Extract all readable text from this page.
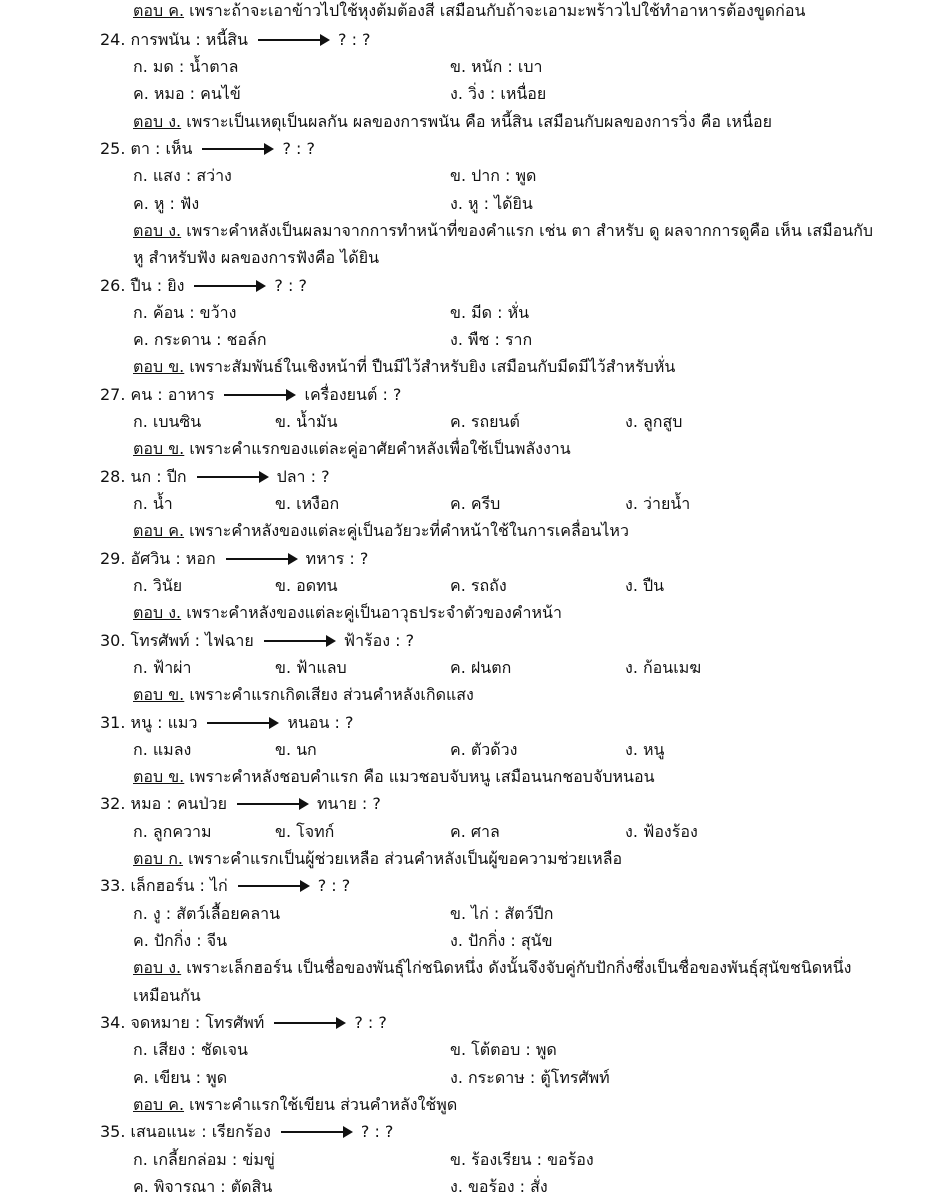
ตอบ ค. เพราะถ้าจะเอาข้าวไปใช้หุงต้มต้องสี เสมือนกับถ้าจะเอามะพร้าวไปใช้ทำอาหารต้องขูดก่อน
24. การพนัน : หนี้สิน	? : ?
ก. มด : น้ำตาล	ข. หนัก : เบา
ค. หมอ : คนไข้	ง. วิ่ง : เหนื่อย
ตอบ ง. เพราะเป็นเหตุเป็นผลกัน ผลของการพนัน คือ หนี้สิน เสมือนกับผลของการวิ่ง คือ เหนื่อย
25. ตา : เห็น	? : ?
ก. แสง : สว่าง	ข. ปาก : พูด
ค. หู : ฟัง	ง. หู : ได้ยิน
ตอบ ง. เพราะคำหลังเป็นผลมาจากการทำหน้าที่ของคำแรก เช่น ตา สำหรับ ดู ผลจากการดูคือ เห็น เสมือนกับ
หู สำหรับฟัง ผลของการฟังคือ ได้ยิน
26. ปืน : ยิง	? : ?
ก. ค้อน : ขว้าง	ข. มีด : หั่น
ค. กระดาน : ชอล์ก	ง. พืช : ราก
ตอบ ข. เพราะสัมพันธ์ในเชิงหน้าที่ ปืนมีไว้สำหรับยิง เสมือนกับมีดมีไว้สำหรับหั่น
27. คน : อาหาร	เครื่องยนต์ : ?
ก. เบนซิน	ข. น้ำมัน	ค. รถยนต์	ง. ลูกสูบ
ตอบ ข. เพราะคำแรกของแต่ละคู่อาศัยคำหลังเพื่อใช้เป็นพลังงาน
28. นก : ปีก	ปลา : ?
ก. น้ำ	ข. เหงือก	ค. ครีบ	ง. ว่ายน้ำ
ตอบ ค. เพราะคำหลังของแต่ละคู่เป็นอวัยวะที่คำหน้าใช้ในการเคลื่อนไหว
29. อัศวิน : หอก	ทหาร : ?
ก. วินัย	ข. อดทน	ค. รถถัง	ง. ปืน
ตอบ ง. เพราะคำหลังของแต่ละคู่เป็นอาวุธประจำตัวของคำหน้า
30. โทรศัพท์ : ไฟฉาย	ฟ้าร้อง : ?
ก. ฟ้าผ่า	ข. ฟ้าแลบ	ค. ฝนตก	ง. ก้อนเมฆ
ตอบ ข. เพราะคำแรกเกิดเสียง ส่วนคำหลังเกิดแสง
31. หนู : แมว	หนอน : ?
ก. แมลง	ข. นก	ค. ตัวด้วง	ง. หนู
ตอบ ข. เพราะคำหลังชอบคำแรก คือ แมวชอบจับหนู เสมือนนกชอบจับหนอน
32. หมอ : คนป่วย	ทนาย : ?
ก. ลูกความ	ข. โจทก์	ค. ศาล	ง. ฟ้องร้อง
ตอบ ก. เพราะคำแรกเป็นผู้ช่วยเหลือ ส่วนคำหลังเป็นผู้ขอความช่วยเหลือ
33. เล็กฮอร์น : ไก่	? : ?
ก. งู : สัตว์เลื้อยคลาน	ข. ไก่ : สัตว์ปีก
ค. ปักกิ่ง : จีน	ง. ปักกิ่ง : สุนัข
ตอบ ง. เพราะเล็กฮอร์น เป็นชื่อของพันธุ์ไก่ชนิดหนึ่ง ดังนั้นจึงจับคู่กับปักกิ่งซึ่งเป็นชื่อของพันธุ์สุนัขชนิดหนึ่ง
เหมือนกัน
34. จดหมาย : โทรศัพท์	? : ?
ก. เสียง : ชัดเจน	ข. โต้ตอบ : พูด
ค. เขียน : พูด	ง. กระดาษ : ตู้โทรศัพท์
ตอบ ค. เพราะคำแรกใช้เขียน ส่วนคำหลังใช้พูด
35. เสนอแนะ : เรียกร้อง	? : ?
ก. เกลี้ยกล่อม : ข่มขู่	ข. ร้องเรียน : ขอร้อง
ค. พิจารณา : ตัดสิน	ง. ขอร้อง : สั่ง
